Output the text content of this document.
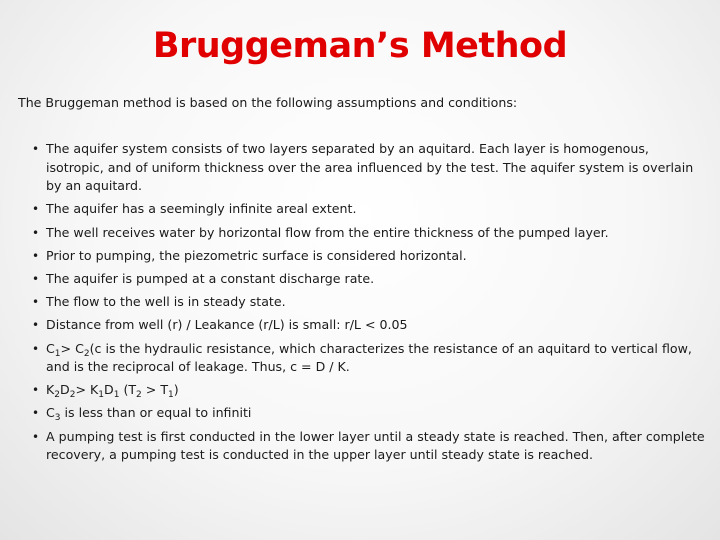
Bruggeman’s Method
The Bruggeman method is based on the following assumptions and conditions:
• The aquifer system consists of two layers separated by an aquitard. Each layer is homogenous, isotropic, and of uniform thickness over the area influenced by the test. The aquifer system is overlain by an aquitard.
• The aquifer has a seemingly infinite areal extent.
• The well receives water by horizontal flow from the entire thickness of the pumped layer.
• Prior to pumping, the piezometric surface is considered horizontal.
• The aquifer is pumped at a constant discharge rate.
• The flow to the well is in steady state.
• Distance from well (r) / Leakance (r/L) is small: r/L < 0.05
• $C_1> C_2(c$ is the hydraulic resistance, which characterizes the resistance of an aquitard to vertical flow, and is the reciprocal of leakage. Thus, c = D / K.
• $K_2D_2> K_1D_1$ $(T_2 > T_1)$
• $C_3$ is less than or equal to infiniti
• A pumping test is first conducted in the lower layer until a steady state is reached. Then, after complete recovery, a pumping test is conducted in the upper layer until steady state is reached.
